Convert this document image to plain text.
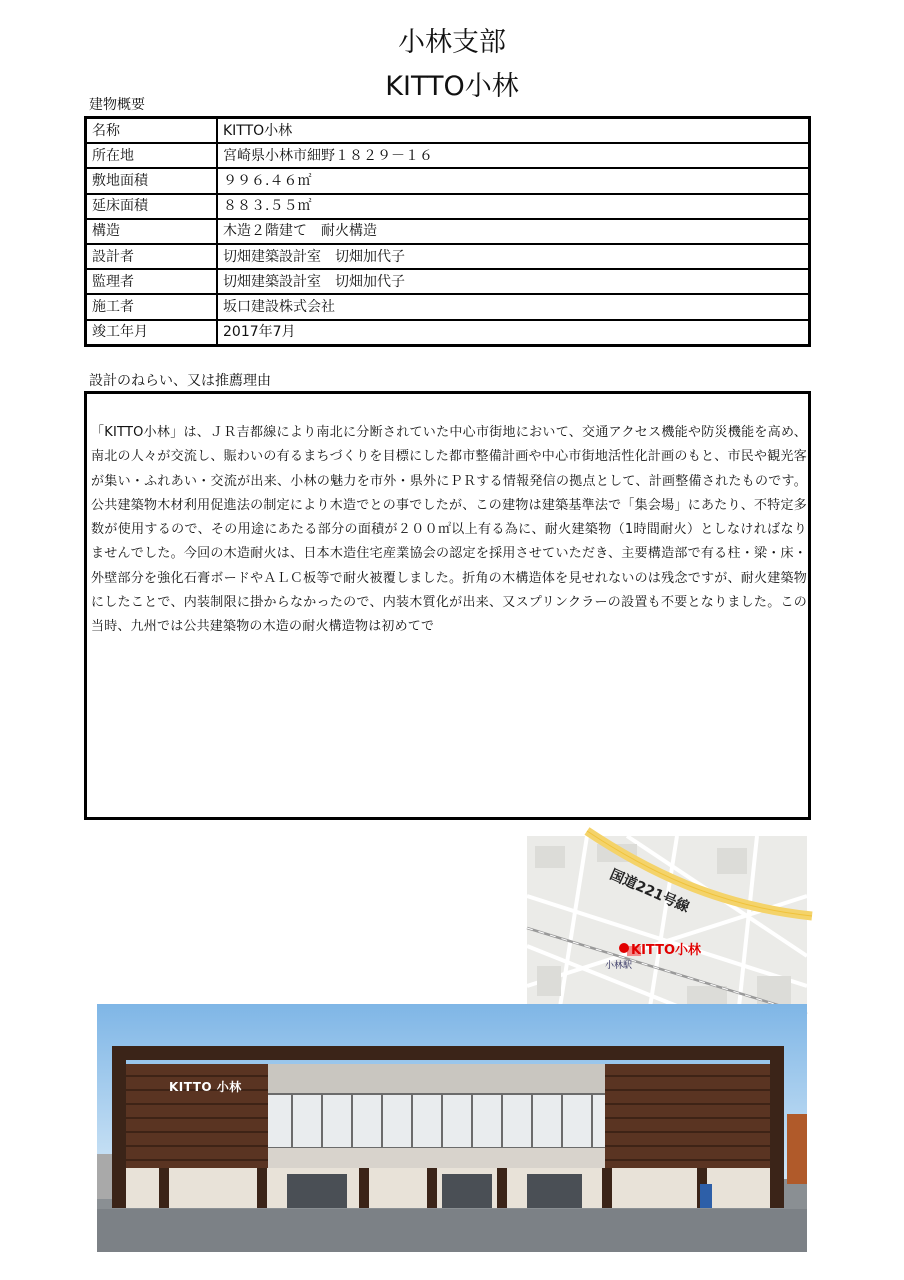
小林支部
KITTO小林
建物概要
名称	KITTO小林
所在地	宮崎県小林市細野１８２９－１６
敷地面積	９９６.４６㎡
延床面積	８８３.５５㎡
構造	木造２階建て　耐火構造
設計者	切畑建築設計室　切畑加代子
監理者	切畑建築設計室　切畑加代子
施工者	坂口建設株式会社
竣工年月	2017年7月
設計のねらい、又は推薦理由
「KITTO小林」は、ＪＲ吉都線により南北に分断されていた中心市街地において、交通アクセス機能や防災機能を高め、南北の人々が交流し、賑わいの有るまちづくりを目標にした都市整備計画や中心市街地活性化計画のもと、市民や観光客が集い・ふれあい・交流が出来、小林の魅力を市外・県外にＰＲする情報発信の拠点として、計画整備されたものです。 公共建築物木材利用促進法の制定により木造でとの事でしたが、この建物は建築基準法で「集会場」にあたり、不特定多数が使用するので、その用途にあたる部分の面積が２００㎡以上有る為に、耐火建築物（1時間耐火）としなければなりませんでした。今回の木造耐火は、日本木造住宅産業協会の認定を採用させていただき、主要構造部で有る柱・梁・床・外壁部分を強化石膏ボードやＡＬＣ板等で耐火被覆しました。折角の木構造体を見せれないのは残念ですが、耐火建築物にしたことで、内装制限に掛からなかったので、内装木質化が出来、又スプリンクラーの設置も不要となりました。この当時、九州では公共建築物の木造の耐火構造物は初めてで
国道221号線
KITTO小林
小林駅
KITTO 小林
